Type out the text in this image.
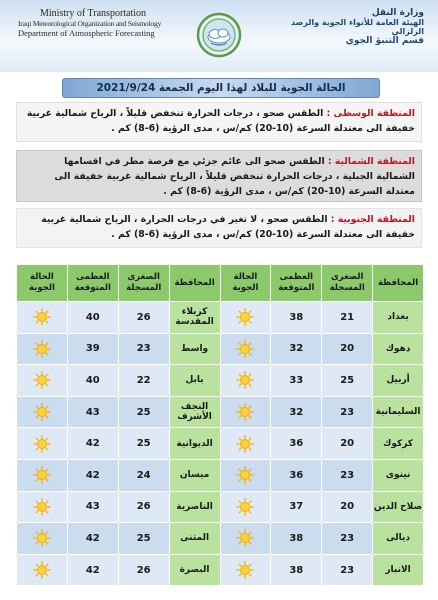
Ministry of Transportation
Iraqi Meteorological Organization and Seismology
Department of Atmospheric Forecasting
وزارة النقل
الهيئة العامة للأنواء الجوية والرصد الزلزالي
قسم التنبؤ الجوي
الحالة الجوية للبلاد لهذا اليوم الجمعة 2021/9/24
المنطقة الوسطى : الطقس صحو ، درجات الحرارة تنخفض قليلاً ، الرياح شمالية غربية خفيفة الى معتدلة السرعة (10-20) كم/س ، مدى الرؤية (6-8) كم .
المنطقة الشمالية : الطقس صحو الى غائم جزئي مع فرصة مطر في اقسامها الشمالية الجبلية ، درجات الحرارة تنخفض قليلاً ، الرياح شمالية غربية خفيفة الى معتدلة السرعة (10-20) كم/س ، مدى الرؤية (6-8) كم .
المنطقة الجنوبية : الطقس صحو ، لا تغير في درجات الحرارة ، الرياح شمالية غربية خفيفة الى معتدلة السرعة (10-20) كم/س ، مدى الرؤية (6-8) كم .
المحافظة	الصغرى المسجلة	العظمى المتوقعة	الحالة الجوية	المحافظة	الصغرى المسجلة	العظمى المتوقعة	الحالة الجوية
بغداد	21	38		كربلاء المقدسة	26	40	
دهوك	20	32		واسط	23	39	
أربيل	25	33		بابل	22	40	
السليمانية	23	32		النجف الأشرف	25	43	
كركوك	20	36		الديوانية	25	42	
نينوى	23	36		ميسان	24	42	
صلاح الدين	20	37		الناصرية	26	43	
ديالى	23	38		المثنى	25	42	
الانبار	23	38		البصرة	26	42	
